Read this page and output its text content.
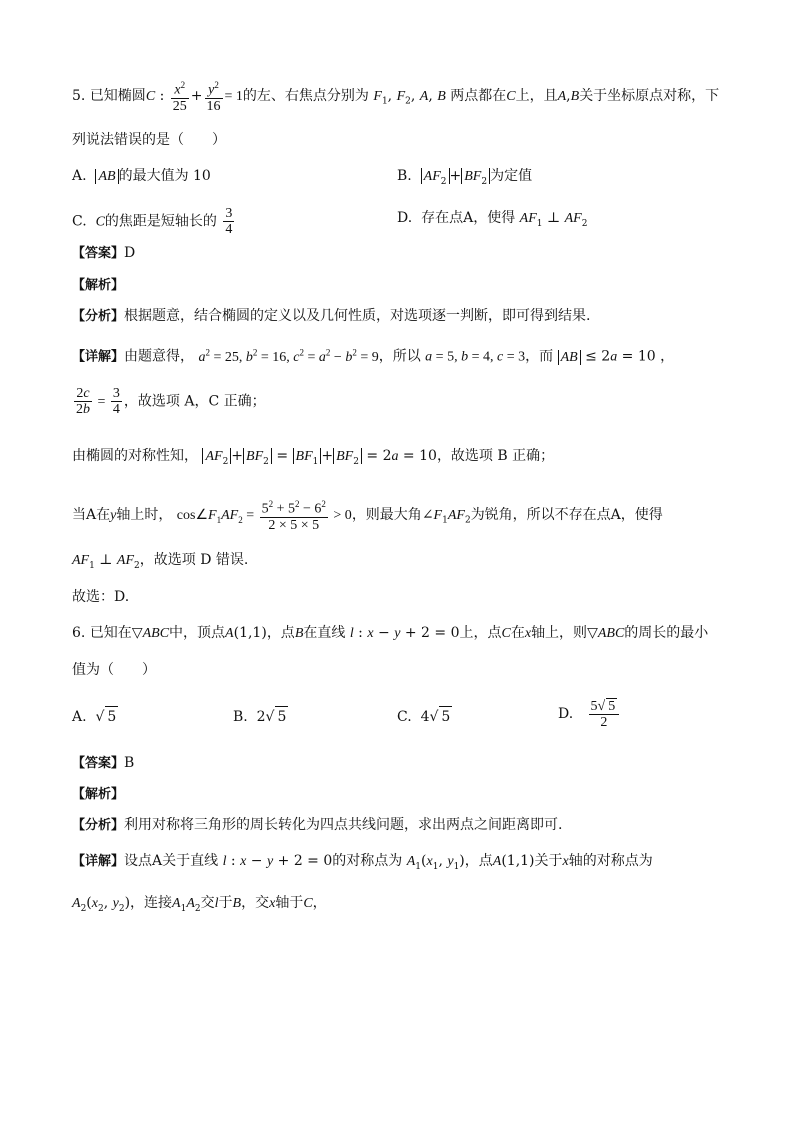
5. 已知椭圆C : $\frac{x^2}{25} + \frac{y^2}{16} = 1$的左、右焦点分别为 $F_1$, $F_2$, A, B 两点都在C上，且A,B关于坐标原点对称，下
列说法错误的是（　　）
A. AB 的最大值为 10	B. $AF_2 + BF_2$ 为定值
C. C的焦距是短轴长的 $\frac{3}{4}$	D. 存在点A，使得 $AF_1$ ⊥ $AF_2$
【答案】D
【解析】
【分析】根据题意，结合椭圆的定义以及几何性质，对选项逐一判断，即可得到结果.
【详解】由题意得， $a^2 = 25$, $b^2 = 16$, $c^2 = a^2 - b^2 = 9$，所以 a = 5, b = 4, c = 3，而 AB ≤ 2a = 10 ，
$\frac{2c}{2b} = \frac{3}{4}$ ，故选项 A，C 正确；
由椭圆的对称性知， $AF_2 + BF_2 = BF_1 + BF_2 = 2a = 10$，故选项 B 正确；
当A在y轴上时， $\cos\angle F_1AF_2 = \frac{5^2 + 5^2 - 6^2}{2 \times 5 \times 5} > 0$，则最大角$\angle F_1AF_2$为锐角，所以不存在点A，使得
$AF_1$ ⊥ $AF_2$，故选项 D 错误.
故选：D.
6. 已知在▽ABC中，顶点A(1,1)，点B在直线 l : x − y + 2 = 0上，点C在x轴上，则▽ABC的周长的最小
值为（　　）
A.  √ 5	B.  2√ 5	C.  4√ 5	D. $\frac{5√ 5}{2}$
【答案】B
【解析】
【分析】利用对称将三角形的周长转化为四点共线问题，求出两点之间距离即可.
【详解】设点A关于直线 l : x − y + 2 = 0的对称点为 $A_1(x_1$, $y_1$)，点A(1,1)关于x轴的对称点为
$A_2(x_2$, $y_2$)，连接$A_1A_2$交l于B，交x轴于C，
